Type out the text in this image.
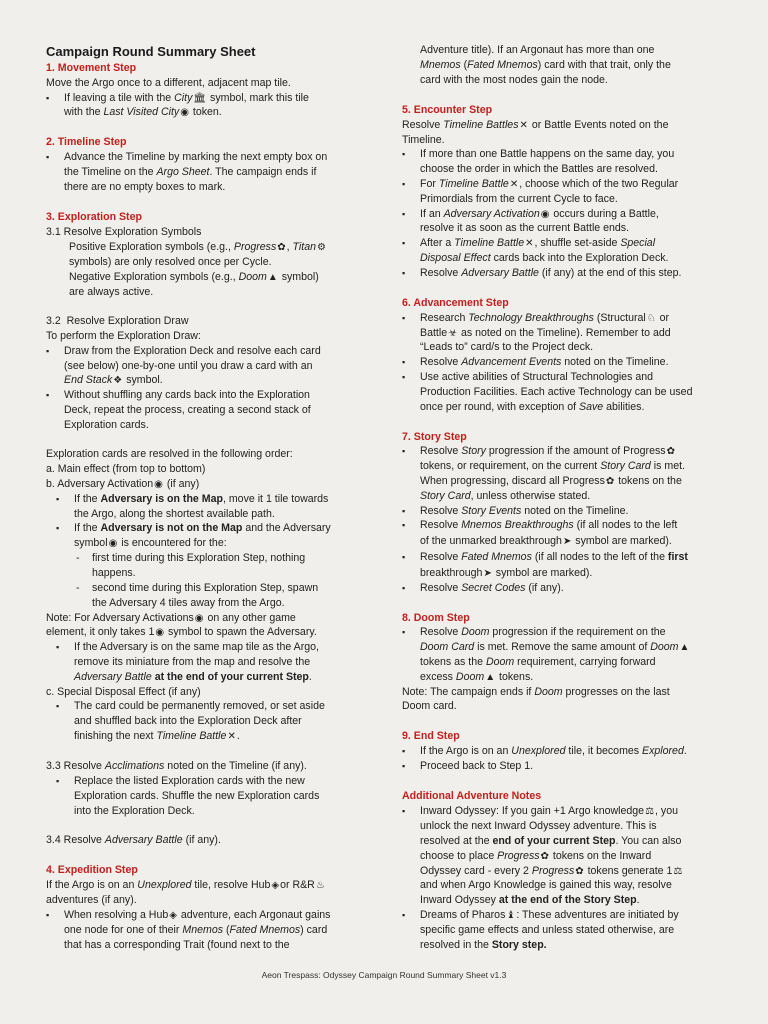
Campaign Round Summary Sheet
1. Movement Step
Move the Argo once to a different, adjacent map tile.
▪ If leaving a tile with the City🏛 symbol, mark this tile
with the Last Visited City◉ token.
2. Timeline Step
▪ Advance the Timeline by marking the next empty box on
the Timeline on the Argo Sheet. The campaign ends if
there are no empty boxes to mark.
3. Exploration Step
3.1 Resolve Exploration Symbols
Positive Exploration symbols (e.g., Progress✿, Titan⚙
symbols) are only resolved once per Cycle.
Negative Exploration symbols (e.g., Doom▲ symbol)
are always active.
3.2  Resolve Exploration Draw
To perform the Exploration Draw:
▪ Draw from the Exploration Deck and resolve each card
(see below) one-by-one until you draw a card with an
End Stack❖ symbol.
▪ Without shuffling any cards back into the Exploration
Deck, repeat the process, creating a second stack of
Exploration cards.
Exploration cards are resolved in the following order:
a. Main effect (from top to bottom)
b. Adversary Activation◉ (if any)
▪ If the Adversary is on the Map, move it 1 tile towards
the Argo, along the shortest available path.
▪ If the Adversary is not on the Map and the Adversary
symbol◉ is encountered for the:
- first time during this Exploration Step, nothing
happens.
- second time during this Exploration Step, spawn
the Adversary 4 tiles away from the Argo.
Note: For Adversary Activations◉ on any other game
element, it only takes 1◉ symbol to spawn the Adversary.
▪ If the Adversary is on the same map tile as the Argo,
remove its miniature from the map and resolve the
Adversary Battle at the end of your current Step.
c. Special Disposal Effect (if any)
▪ The card could be permanently removed, or set aside
and shuffled back into the Exploration Deck after
finishing the next Timeline Battle✕.
3.3 Resolve Acclimations noted on the Timeline (if any).
▪ Replace the listed Exploration cards with the new
Exploration cards. Shuffle the new Exploration cards
into the Exploration Deck.
3.4 Resolve Adversary Battle (if any).
4. Expedition Step
If the Argo is on an Unexplored tile, resolve Hub◈or R&R♨
adventures (if any).
▪ When resolving a Hub◈ adventure, each Argonaut gains
one node for one of their Mnemos (Fated Mnemos) card
that has a corresponding Trait (found next to the
Adventure title). If an Argonaut has more than one
Mnemos (Fated Mnemos) card with that trait, only the
card with the most nodes gain the node.
5. Encounter Step
Resolve Timeline Battles✕ or Battle Events noted on the
Timeline.
▪ If more than one Battle happens on the same day, you
choose the order in which the Battles are resolved.
▪ For Timeline Battle✕, choose which of the two Regular
Primordials from the current Cycle to face.
▪ If an Adversary Activation◉ occurs during a Battle,
resolve it as soon as the current Battle ends.
▪ After a Timeline Battle✕, shuffle set-aside Special
Disposal Effect cards back into the Exploration Deck.
▪ Resolve Adversary Battle (if any) at the end of this step.
6. Advancement Step
▪ Research Technology Breakthroughs (Structural♘ or
Battle☣ as noted on the Timeline). Remember to add
“Leads to” card/s to the Project deck.
▪ Resolve Advancement Events noted on the Timeline.
▪ Use active abilities of Structural Technologies and
Production Facilities. Each active Technology can be used
once per round, with exception of Save abilities.
7. Story Step
▪ Resolve Story progression if the amount of Progress✿
tokens, or requirement, on the current Story Card is met.
When progressing, discard all Progress✿ tokens on the
Story Card, unless otherwise stated.
▪ Resolve Story Events noted on the Timeline.
▪ Resolve Mnemos Breakthroughs (if all nodes to the left
of the unmarked breakthrough➤ symbol are marked).
▪ Resolve Fated Mnemos (if all nodes to the left of the first
breakthrough➤ symbol are marked).
▪ Resolve Secret Codes (if any).
8. Doom Step
▪ Resolve Doom progression if the requirement on the
Doom Card is met. Remove the same amount of Doom▲
tokens as the Doom requirement, carrying forward
excess Doom▲ tokens.
Note: The campaign ends if Doom progresses on the last
Doom card.
9. End Step
▪ If the Argo is on an Unexplored tile, it becomes Explored.
▪ Proceed back to Step 1.
Additional Adventure Notes
▪ Inward Odyssey: If you gain +1 Argo knowledge⚖, you
unlock the next Inward Odyssey adventure. This is
resolved at the end of your current Step. You can also
choose to place Progress✿ tokens on the Inward
Odyssey card - every 2 Progress✿ tokens generate 1⚖
and when Argo Knowledge is gained this way, resolve
Inward Odyssey at the end of the Story Step.
▪ Dreams of Pharos♝: These adventures are initiated by
specific game effects and unless stated otherwise, are
resolved in the Story step.
Aeon Trespass: Odyssey Campaign Round Summary Sheet v1.3
